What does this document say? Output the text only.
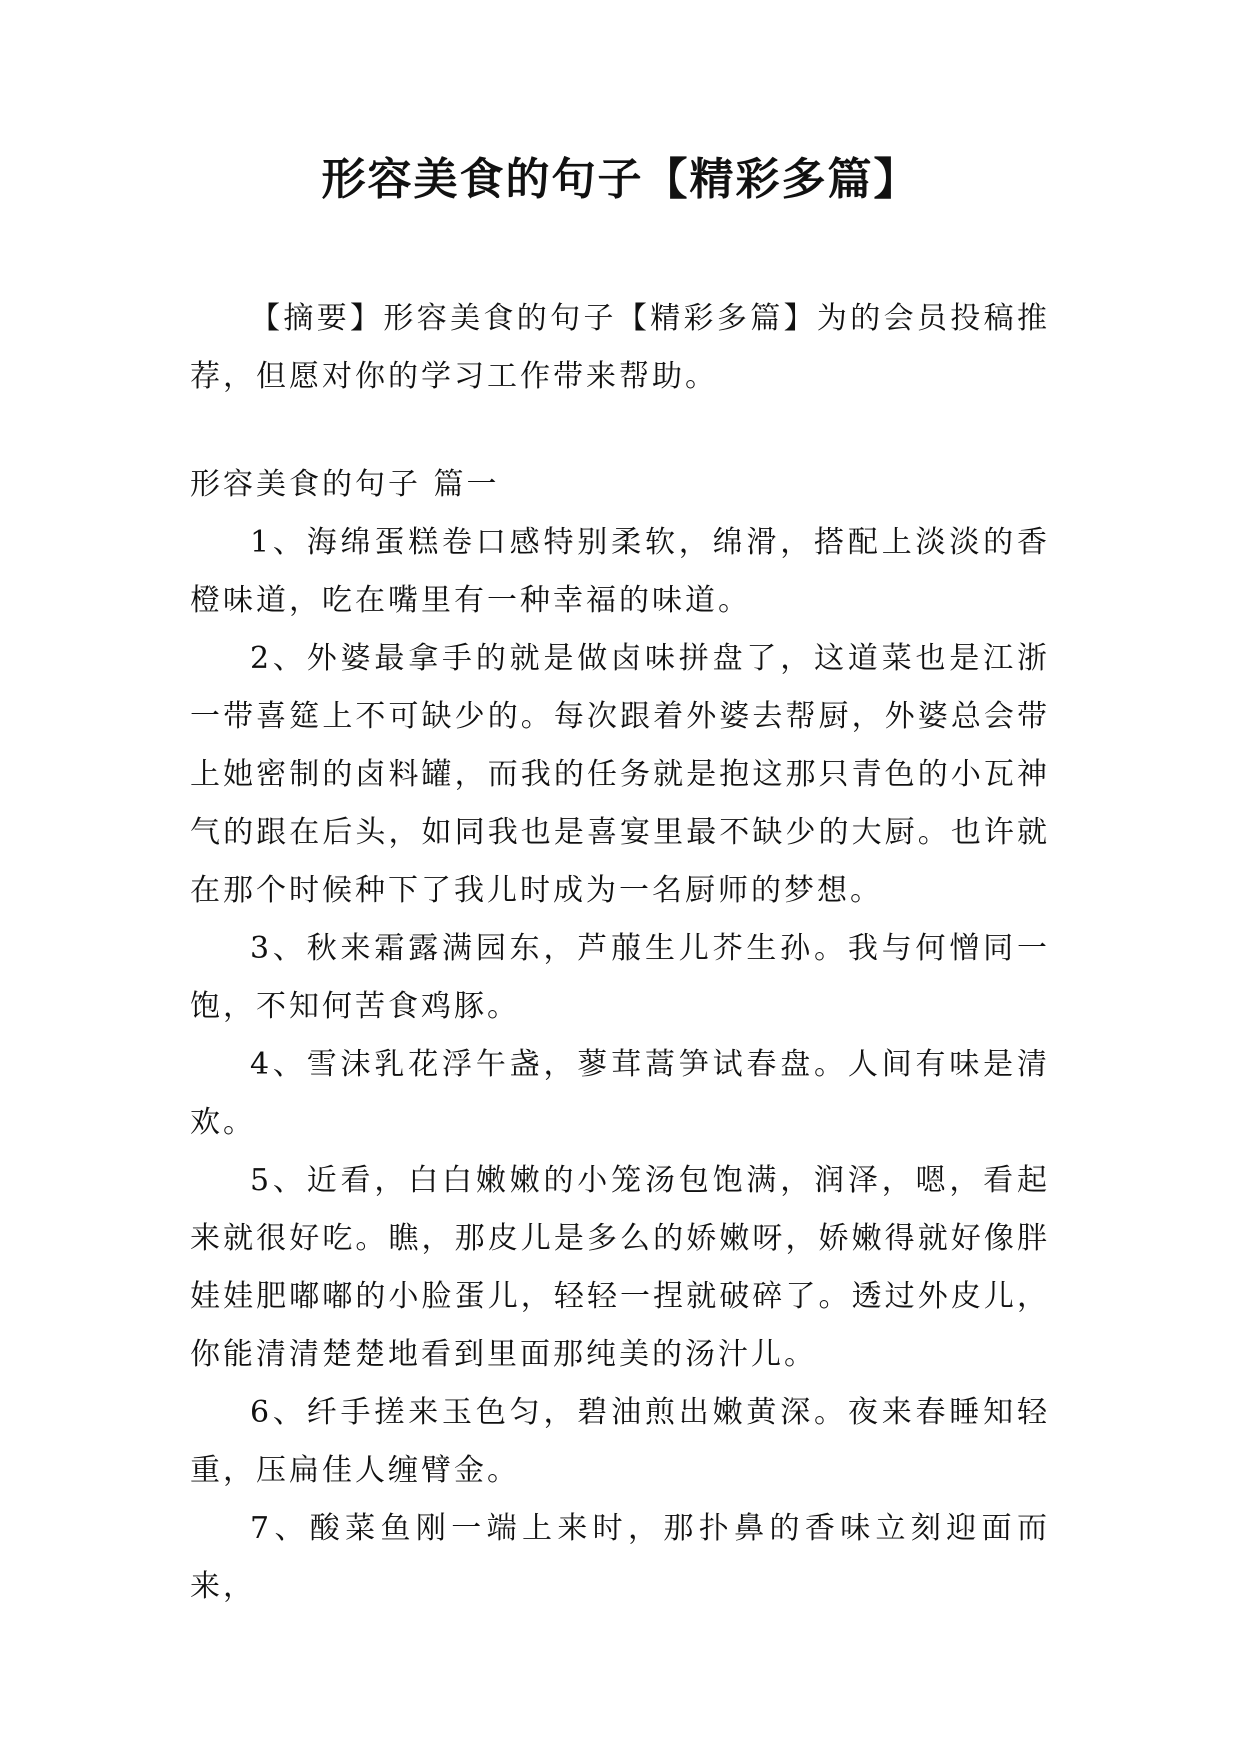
形容美食的句子【精彩多篇】

【摘要】形容美食的句子【精彩多篇】为的会员投稿推荐，但愿对你的学习工作带来帮助。

形容美食的句子 篇一

1、海绵蛋糕卷口感特别柔软，绵滑，搭配上淡淡的香橙味道，吃在嘴里有一种幸福的味道。

2、外婆最拿手的就是做卤味拼盘了，这道菜也是江浙一带喜筵上不可缺少的。每次跟着外婆去帮厨，外婆总会带上她密制的卤料罐，而我的任务就是抱这那只青色的小瓦神气的跟在后头，如同我也是喜宴里最不缺少的大厨。也许就在那个时候种下了我儿时成为一名厨师的梦想。

3、秋来霜露满园东，芦菔生儿芥生孙。我与何憎同一饱，不知何苦食鸡豚。

4、雪沫乳花浮午盏，蓼茸蒿笋试春盘。人间有味是清欢。

5、近看，白白嫩嫩的小笼汤包饱满，润泽，嗯，看起来就很好吃。瞧，那皮儿是多么的娇嫩呀，娇嫩得就好像胖娃娃肥嘟嘟的小脸蛋儿，轻轻一捏就破碎了。透过外皮儿，你能清清楚楚地看到里面那纯美的汤汁儿。

6、纤手搓来玉色匀，碧油煎出嫩黄深。夜来春睡知轻重，压扁佳人缠臂金。

7、酸菜鱼刚一端上来时，那扑鼻的香味立刻迎面而来，
